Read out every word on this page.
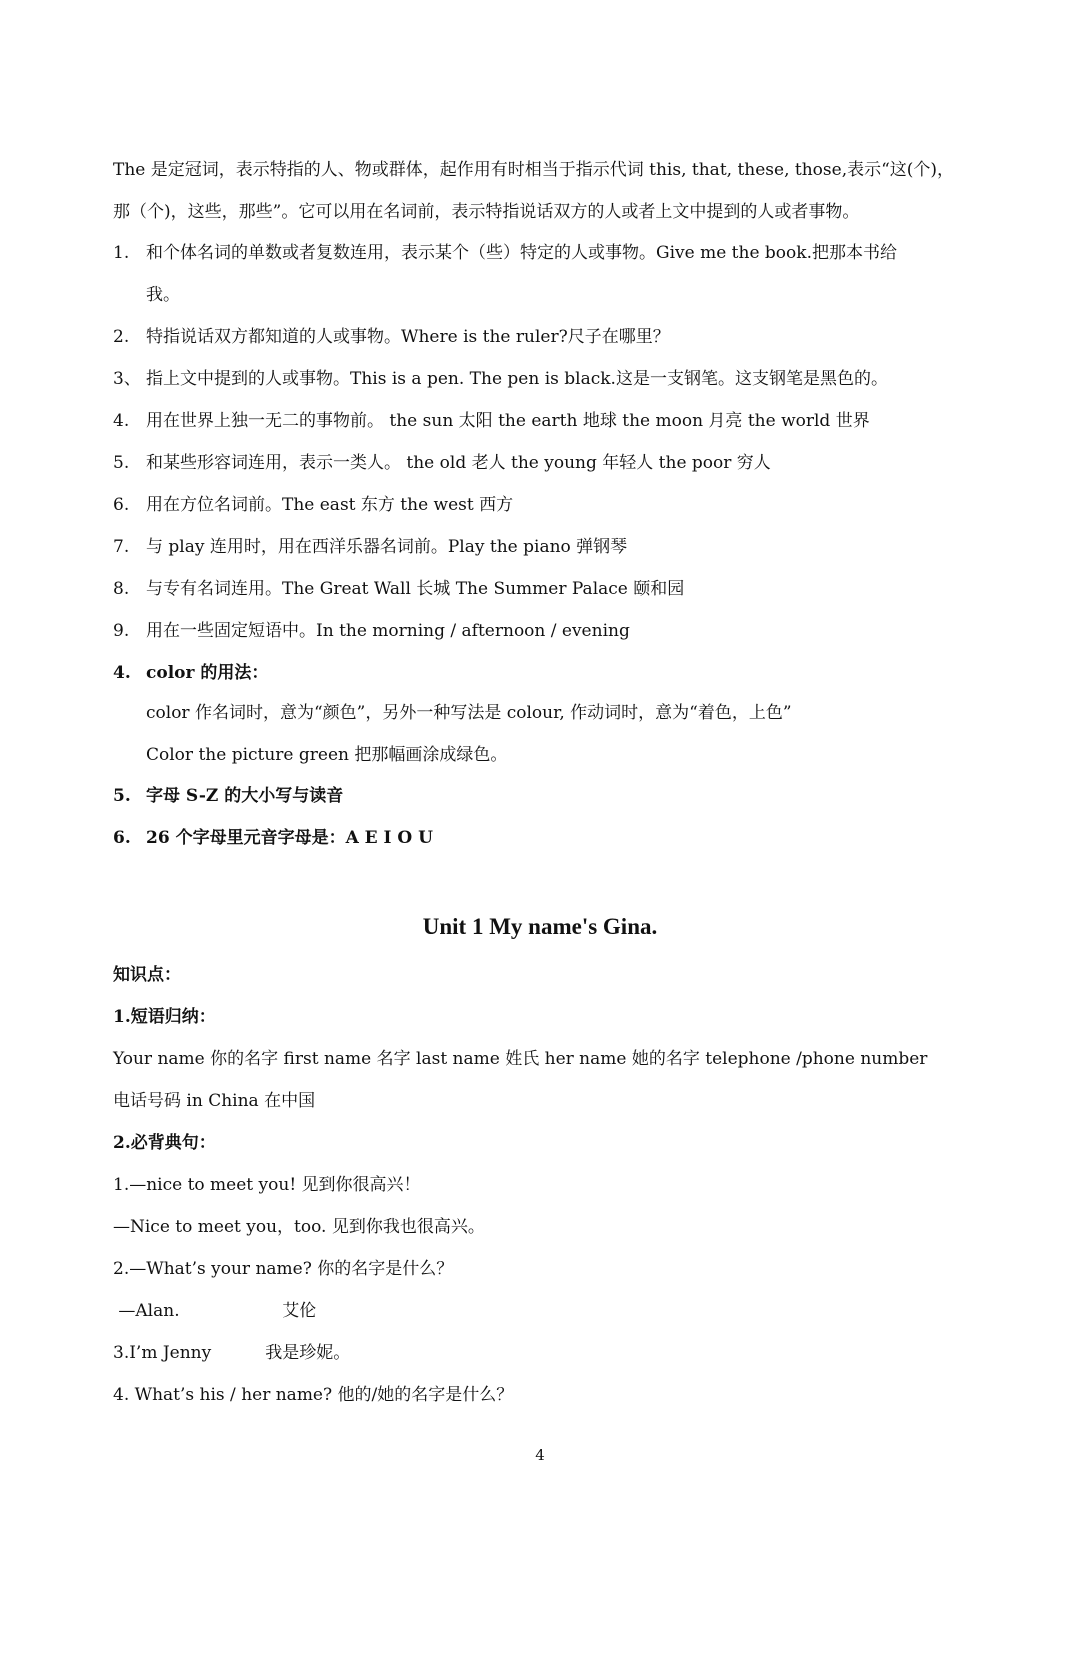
The 是定冠词，表示特指的人、物或群体，起作用有时相当于指示代词 this, that, these, those,表示“这(个)，
那（个)，这些，那些”。它可以用在名词前，表示特指说话双方的人或者上文中提到的人或者事物。
1. 和个体名词的单数或者复数连用，表示某个（些）特定的人或事物。Give me the book.把那本书给
我。
2. 特指说话双方都知道的人或事物。Where is the ruler?尺子在哪里？
3、 指上文中提到的人或事物。This is a pen. The pen is black.这是一支钢笔。这支钢笔是黑色的。
4. 用在世界上独一无二的事物前。 the sun 太阳 the earth 地球 the moon 月亮 the world 世界
5. 和某些形容词连用，表示一类人。 the old 老人 the young 年轻人 the poor 穷人
6. 用在方位名词前。The east 东方 the west 西方
7. 与 play 连用时，用在西洋乐器名词前。Play the piano 弹钢琴
8. 与专有名词连用。The Great Wall 长城 The Summer Palace 颐和园
9. 用在一些固定短语中。In the morning / afternoon / evening
4. color 的用法：
color 作名词时，意为“颜色”，另外一种写法是 colour, 作动词时，意为“着色，上色”
Color the picture green 把那幅画涂成绿色。
5. 字母 S-Z 的大小写与读音
6. 26 个字母里元音字母是：A E I O U
Unit 1 My name's Gina.
知识点：
1.短语归纳：
Your name 你的名字 first name 名字 last name 姓氏 her name 她的名字 telephone /phone number
电话号码 in China 在中国
2.必背典句：
1.—nice to meet you! 见到你很高兴！
—Nice to meet you，too. 见到你我也很高兴。
2.—What’s your name? 你的名字是什么？
—Alan.                   艾伦
3.I’m Jenny          我是珍妮。
4. What’s his / her name? 他的/她的名字是什么？
4
